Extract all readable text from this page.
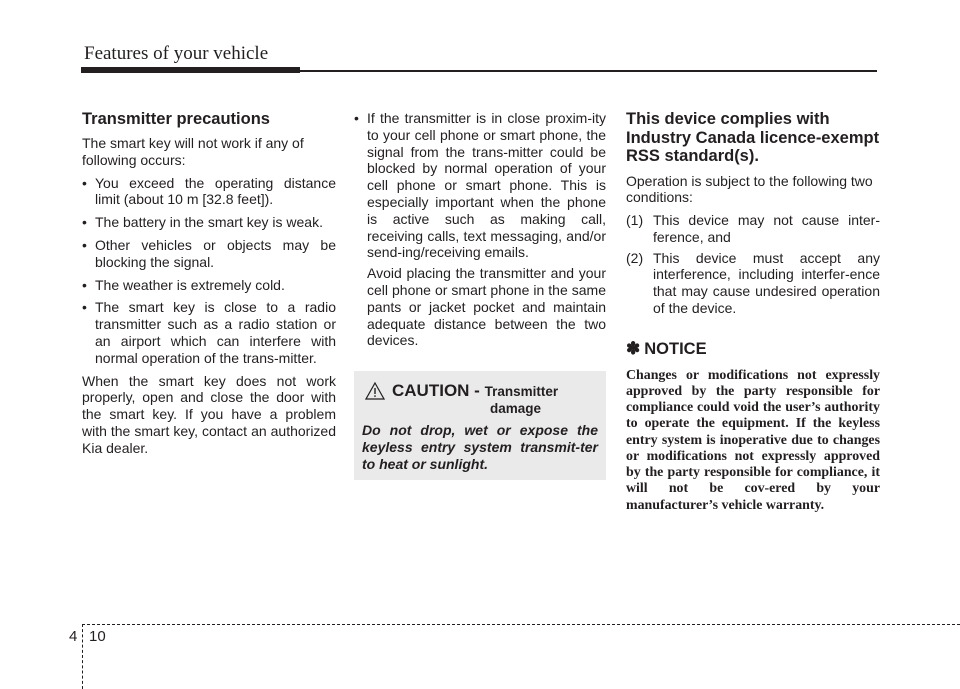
Features of your vehicle
Transmitter precautions

The smart key will not work if any of following occurs:

• You exceed the operating distance limit (about 10 m [32.8 feet]).
• The battery in the smart key is weak.
• Other vehicles or objects may be blocking the signal.
• The weather is extremely cold.
• The smart key is close to a radio transmitter such as a radio station or an airport which can interfere with normal operation of the trans-mitter.

When the smart key does not work properly, open and close the door with the smart key. If you have a problem with the smart key, contact an authorized Kia dealer.

• If the transmitter is in close proxim-ity to your cell phone or smart phone, the signal from the trans-mitter could be blocked by normal operation of your cell phone or smart phone. This is especially important when the phone is active such as making call, receiving calls, text messaging, and/or send-ing/receiving emails.

Avoid placing the transmitter and your cell phone or smart phone in the same pants or jacket pocket and maintain adequate distance between the two devices.

CAUTION - Transmitter
damage
Do not drop, wet or expose the keyless entry system transmit-ter to heat or sunlight.
This device complies with Industry Canada licence-exempt RSS standard(s).

Operation is subject to the following two conditions:

(1) This device may not cause inter-ference, and
(2) This device must accept any interference, including interfer-ence that may cause undesired operation of the device.
✽ NOTICE
Changes or modifications not expressly approved by the party responsible for compliance could void the user’s authority to operate the equipment. If the keyless entry system is inoperative due to changes or modifications not expressly approved by the party responsible for compliance, it will not be cov-ered by your manufacturer’s vehicle warranty.
4 10
